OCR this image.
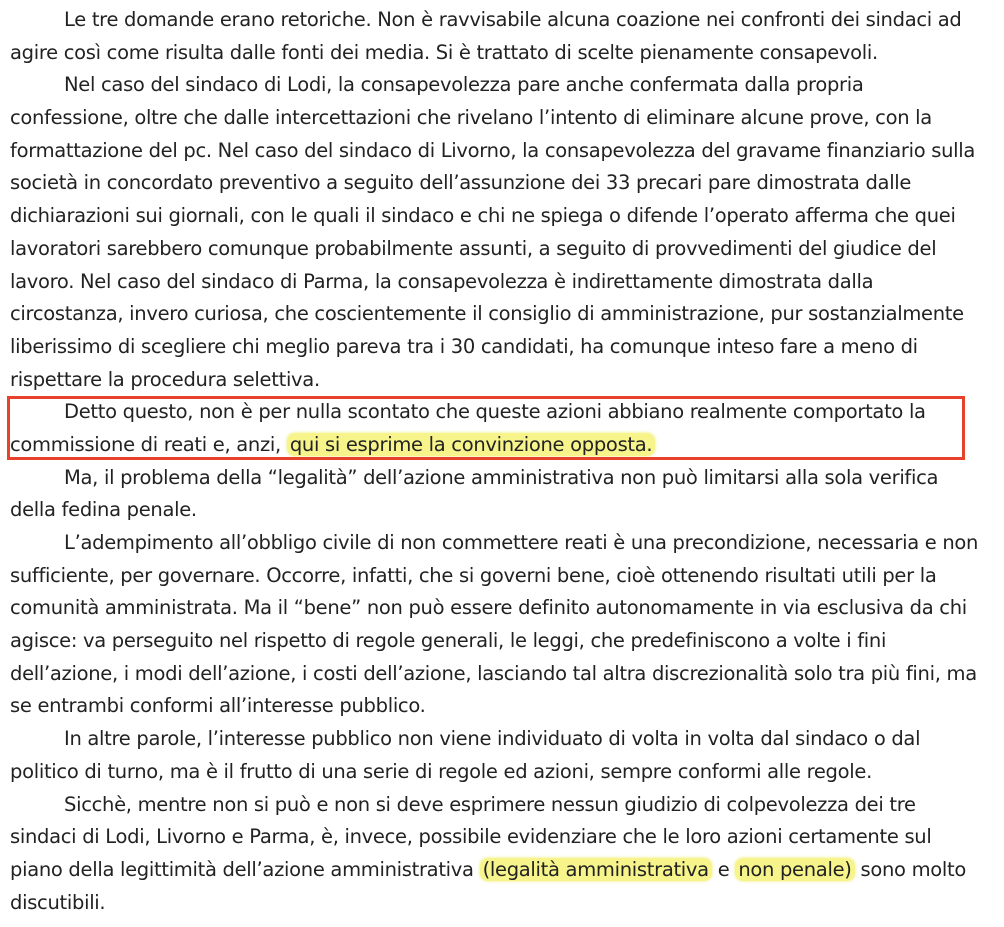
Le tre domande erano retoriche. Non è ravvisabile alcuna coazione nei confronti dei sindaci ad
agire così come risulta dalle fonti dei media. Si è trattato di scelte pienamente consapevoli.
Nel caso del sindaco di Lodi, la consapevolezza pare anche confermata dalla propria
confessione, oltre che dalle intercettazioni che rivelano l’intento di eliminare alcune prove, con la
formattazione del pc. Nel caso del sindaco di Livorno, la consapevolezza del gravame finanziario sulla
società in concordato preventivo a seguito dell’assunzione dei 33 precari pare dimostrata dalle
dichiarazioni sui giornali, con le quali il sindaco e chi ne spiega o difende l’operato afferma che quei
lavoratori sarebbero comunque probabilmente assunti, a seguito di provvedimenti del giudice del
lavoro. Nel caso del sindaco di Parma, la consapevolezza è indirettamente dimostrata dalla
circostanza, invero curiosa, che coscientemente il consiglio di amministrazione, pur sostanzialmente
liberissimo di scegliere chi meglio pareva tra i 30 candidati, ha comunque inteso fare a meno di
rispettare la procedura selettiva.
Detto questo, non è per nulla scontato che queste azioni abbiano realmente comportato la
commissione di reati e, anzi, qui si esprime la convinzione opposta.
Ma, il problema della “legalità” dell’azione amministrativa non può limitarsi alla sola verifica
della fedina penale.
L’adempimento all’obbligo civile di non commettere reati è una precondizione, necessaria e non
sufficiente, per governare. Occorre, infatti, che si governi bene, cioè ottenendo risultati utili per la
comunità amministrata. Ma il “bene” non può essere definito autonomamente in via esclusiva da chi
agisce: va perseguito nel rispetto di regole generali, le leggi, che predefiniscono a volte i fini
dell’azione, i modi dell’azione, i costi dell’azione, lasciando tal altra discrezionalità solo tra più fini, ma
se entrambi conformi all’interesse pubblico.
In altre parole, l’interesse pubblico non viene individuato di volta in volta dal sindaco o dal
politico di turno, ma è il frutto di una serie di regole ed azioni, sempre conformi alle regole.
Sicchè, mentre non si può e non si deve esprimere nessun giudizio di colpevolezza dei tre
sindaci di Lodi, Livorno e Parma, è, invece, possibile evidenziare che le loro azioni certamente sul
piano della legittimità dell’azione amministrativa (legalità amministrativa e non penale) sono molto
discutibili.
